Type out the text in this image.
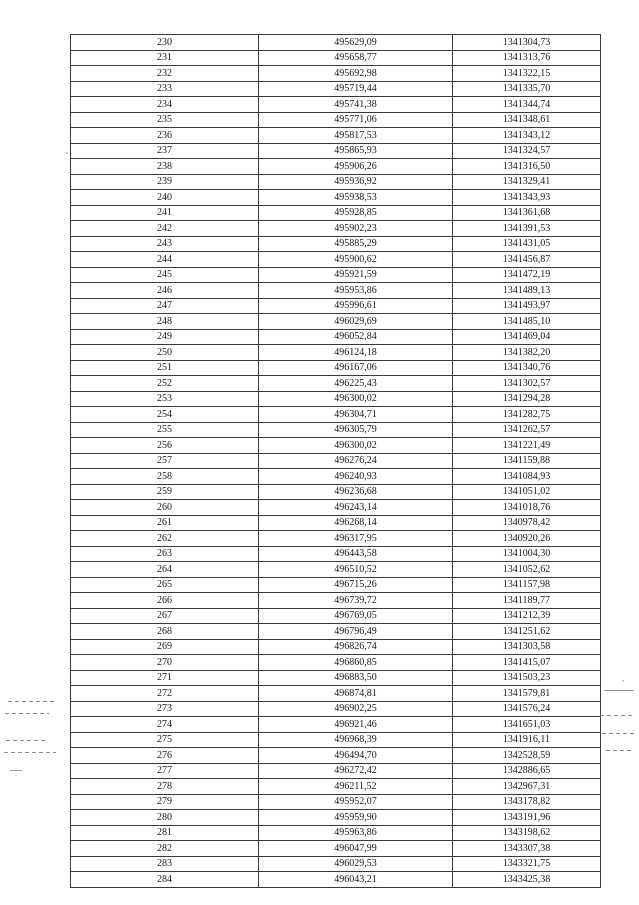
230	495629,09	1341304,73
231	495658,77	1341313,76
232	495692,98	1341322,15
233	495719,44	1341335,70
234	495741,38	1341344,74
235	495771,06	1341348,61
236	495817,53	1341343,12
237	495865,93	1341324,57
238	495906,26	1341316,50
239	495936,92	1341329,41
240	495938,53	1341343,93
241	495928,85	1341361,68
242	495902,23	1341391,53
243	495885,29	1341431,05
244	495900,62	1341456,87
245	495921,59	1341472,19
246	495953,86	1341489,13
247	495996,61	1341493,97
248	496029,69	1341485,10
249	496052,84	1341469,04
250	496124,18	1341382,20
251	496167,06	1341340,76
252	496225,43	1341302,57
253	496300,02	1341294,28
254	496304,71	1341282,75
255	496305,79	1341262,57
256	496300,02	1341221,49
257	496276,24	1341159,88
258	496240,93	1341084,93
259	496236,68	1341051,02
260	496243,14	1341018,76
261	496268,14	1340978,42
262	496317,95	1340920,26
263	496443,58	1341004,30
264	496510,52	1341052,62
265	496715,26	1341157,98
266	496739,72	1341189,77
267	496769,05	1341212,39
268	496796,49	1341251,62
269	496826,74	1341303,58
270	496860,85	1341415,07
271	496883,50	1341503,23
272	496874,81	1341579,81
273	496902,25	1341576,24
274	496921,46	1341651,03
275	496968,39	1341916,11
276	496494,70	1342528,59
277	496272,42	1342886,65
278	496211,52	1342967,31
279	495952,07	1343178,82
280	495959,90	1343191,96
281	495963,86	1343198,62
282	496047,99	1343307,38
283	496029,53	1343321,75
284	496043,21	1343425,38
